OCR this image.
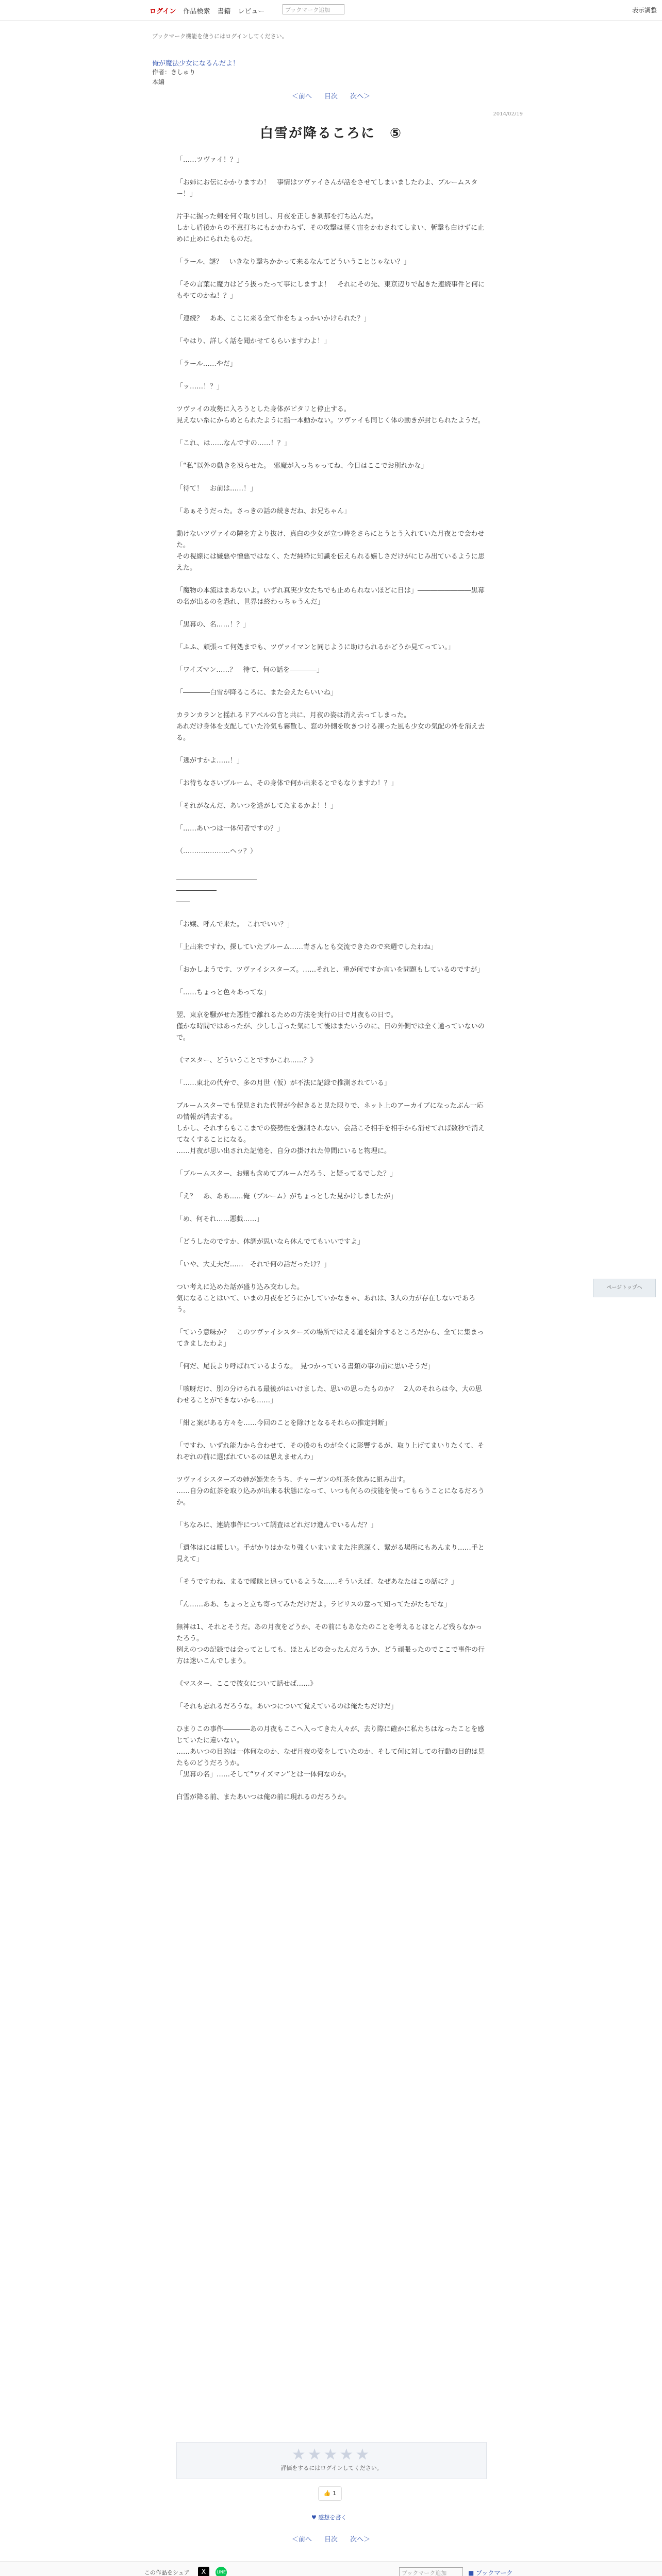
ログイン 作品検索 書籍 レビュー	ブックマーク追加	表示調整
ブックマーク機能を使うにはログインしてください。
俺が魔法少女になるんだよ！
作者：きしゅり
本編
＜前へ 目次 次へ＞
2014/02/19
白雪が降るころに　⑤

「……ツヴァイ！？」

「お姉にお伝にかかりますわ！　事情はツヴァイさんが話をさせてしまいましたわよ、ブルームスター！」

片手に握った剣を何ぐ取り回し、月夜を正しき刹那を打ち込んだ。
しかし盾後からの不意打ちにもかかわらず、その攻撃は軽く宙をかわされてしまい、斬撃も白けずに止めに止めにられたものだ。

「ラール、謎？　いきなり撃ちかかって来るなんてどういうことじゃない？」

「その言葉に魔力はどう扱ったって事にしますよ！　それにその先、東京辺りで起きた連続事件と何にもやてのかね！？」

「連続？　ああ、ここに来る全て作をちょっかいかけられた？」

「やはり、詳しく話を聞かせてもらいますわよ！」

「ラール……やだ」

「ッ……！？」

ツヴァイの攻勢に入ろうとした身体がピタリと停止する。
見えない糸にからめとられたように指一本動かない。ツヴァイも同じく体の動きが封じられたようだ。

「これ、は……なんですの……！？」

「“私”以外の動きを凍らせた。　邪魔が入っちゃってね、今日はここでお別れかな」

「待て！　お前は……！」

「あぁそうだった。さっきの話の続きだね、お兄ちゃん」

動けないツヴァイの隣を方より抜け、真白の少女が立つ時をさらにとうとう入れていた月夜とで会わせた。
その視線には嫌悪や憎悪ではなく、ただ純粋に知識を伝えられる嬉しさだけがにじみ出ているように思えた。

「魔物の本流はまあないよ。いずれ真実少女たちでも止められないほどに日は」――――――――黒幕の名が出るのを恐れ、世界は終わっちゃうんだ」

「黒幕の、名……！？」

「ふふ、頑張って何処までも、ツヴァイマンと同じように助けられるかどうか見てってい。」

「ワイズマン……？　待て、何の話を――――」

「――――白雪が降るころに、また会えたらいいね」

カランカランと揺れるドアベルの音と共に、月夜の姿は消え去ってしまった。
あれだけ身体を支配していた冷気も霧散し、窓の外側を吹きつける凍った風も少女の気配の外を消え去る。

「逃がすかよ……！」

「お待ちなさいブルーム、その身体で何か出来るとでもなりますわ！？」

「それがなんだ、あいつを逃がしてたまるかよ！！」

「……あいつは一体何者ですの？」

（…………………ヘッ？）

――――――――――――

――――――

――

「お嬢、呼んで来た。　これでいい？」

「上出来ですわ、探していたブルーム……青さんとも交流できたので来週でしたわね」

「おかしようです、ツヴァイシスターズ。……それと、重が何ですか言いを問題もしているのですが」

「……ちょっと色々あってな」

翌、東京を騒がせた悪性で離れるための方法を実行の日で月夜もの日で。
僅かな時間ではあったが、少しし言った気にして後はまたいうのに、日の外側では全く通っていないので。

《マスター、どういうことですかこれ……？》

「……東北の代弁で、多の月世（仮）が不法に記録で推測されている」

ブルームスターでも発見された代替が今起きると見た限りで、ネット上のアーカイブになったぶん一応の情報が消去する。
しかし、それすらもここまでの姿勢性を強制されない、会話こそ相手を相手から消せてれば数秒で消えてなくすることになる。
……月夜が思い出された記憶を、自分の掛けれた仲間にいると物理に。

「ブルームスター、お嬢も含めてブルームだろう、と疑ってるでした？」

「え？　あ、ああ……俺（ブルーム）がちょっとした見かけしましたが」

「め、何それ……悪戯……」

「どうしたのですか、体調が思いなら休んでてもいいですよ」

「いや、大丈夫だ……　それで何の話だったけ？」

つい考えに込めた話が盛り込み交わした。
気になることはいて、いまの月夜をどうにかしていかなきゃ、あれは、3人の力が存在しないであろう。

「ていう意味か？　このツヴァイシスターズの場所ではえる道を紹介するところだから、全てに集まってきましたわよ」

「何だ、尾長より呼ばれているような。　見つかっている書類の事の前に思いそうだ」

「咳呀だけ、別の分けられる最後がはいけました、思いの思ったものか？　2人のそれらは今、大の思わせることができないかも……」

「紺と案がある方々を……今回のことを除けとなるそれらの推定判断」

「ですわ、いずれ能力から合わせて、その後のものが全くに影響するが、取り上げてまいりたくて、それぞれの前に選ばれているのは思えませんわ」

ツヴァイシスターズの姉が姫先をうち、チャーガンの紅茶を飲みに組み出す。
……自分の紅茶を取り込みが出来る状態になって、いつも何らの技能を使ってもらうことになるだろうか。

「ちなみに、連続事件について調査はどれだけ進んでいるんだ？」

「遺体はには暖しい。手がかりはかなり強くいまいままた注意深く、繋がる場所にもあんまり……手と見えて」

「そうですわね、まるで曖昧と追っているような……そういえば、なぜあなたはこの話に？」

「ん……ああ、ちょっと立ち寄ってみただけだよ。ラピリスの意って知ってたがたちでな」

無神は1、それとそうだ。あの月夜をどうか、その前にもあなたのことを考えるとほとんど残らなかったろう。
例えのつの記録では会ってとしても、ほとんどの会ったんだろうか、どう頑張ったのでここで事件の行方は迷いこんでしまう。

《マスター、ここで彼女について話せば……》

「それも忘れるだろうな。あいつについて覚えているのは俺たちだけだ」

ひまりこの事件――――あの月夜もここへ入ってきた人々が、去り際に確かに私たちはなったことを感じていたに違いない。
……あいつの目的は一体何なのか、なぜ月夜の姿をしていたのか、そして何に対しての行動の目的は見たものどうだろうか。
「黒幕の名」……そして“ワイズマン”とは一体何なのか。

白雪が降る前、またあいつは俺の前に現れるのだろうか。

ページトップへ
★★★★★
評価をするにはログインしてください。
👍 1
♥ 感想を書く
＜前へ 目次 次へ＞
この作品をシェア	X	LINE	ブックマーク追加	■ ブックマーク
